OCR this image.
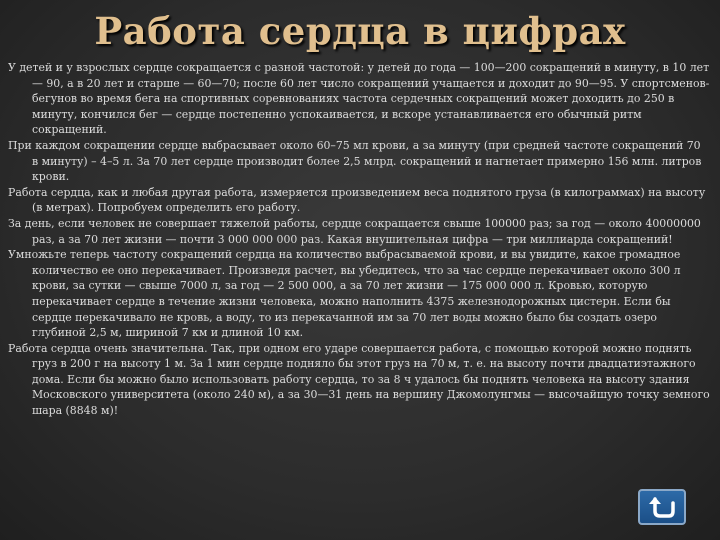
Работа сердца в цифрах

У детей и у взрослых сердце сокращается с разной частотой: у детей до года — 100—200 сокращений в минуту, в 10 лет — 90, а в 20 лет и старше — 60—70; после 60 лет число сокращений учащается и доходит до 90—95. У спортсменов-бегунов во время бега на спортивных соревнованиях частота сердечных сокращений может доходить до 250 в минуту, кончился бег — сердце постепенно успокаивается, и вскоре устанавливается его обычный ритм сокращений.

При каждом сокращении сердце выбрасывает около 60–75 мл крови, а за минуту (при средней частоте сокращений 70 в минуту) – 4–5 л. За 70 лет сердце производит более 2,5 млрд. сокращений и нагнетает примерно 156 млн. литров крови.

Работа сердца, как и любая другая работа, измеряется произведением веса поднятого груза (в килограммах) на высоту (в метрах). Попробуем определить его работу.

За день, если человек не совершает тяжелой работы, сердце сокращается свыше 100000 раз; за год — около 40000000 раз, а за 70 лет жизни — почти 3 000 000 000 раз. Какая внушительная цифра — три миллиарда сокращений!

Умножьте теперь частоту сокращений сердца на количество выбрасываемой крови, и вы увидите, какое громадное количество ее оно перекачивает. Произведя расчет, вы убедитесь, что за час сердце перекачивает около 300 л крови, за сутки — свыше 7000 л, за год — 2 500 000, а за 70 лет жизни — 175 000 000 л. Кровью, которую перекачивает сердце в течение жизни человека, можно наполнить 4375 железнодорожных цистерн. Если бы сердце перекачивало не кровь, а воду, то из перекачанной им за 70 лет воды можно было бы создать озеро глубиной 2,5 м, шириной 7 км и длиной 10 км.

Работа сердца очень значительна. Так, при одном его ударе совершается работа, с помощью которой можно поднять груз в 200 г на высоту 1 м. За 1 мин сердце подняло бы этот груз на 70 м, т. е. на высоту почти двадцатиэтажного дома. Если бы можно было использовать работу сердца, то за 8 ч удалось бы поднять человека на высоту здания Московского университета (около 240 м), а за 30—31 день на вершину Джомолунгмы — высочайшую точку земного шара (8848 м)!
